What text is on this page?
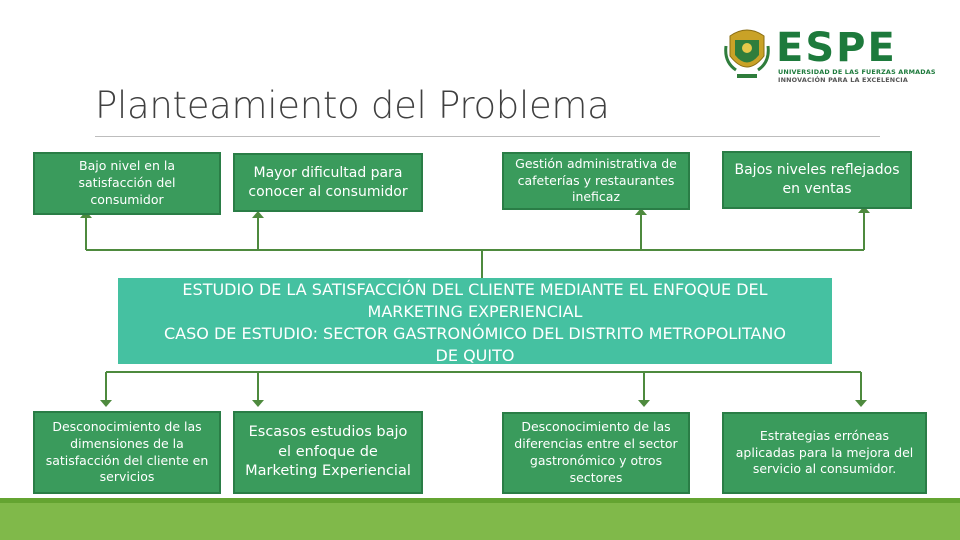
Planteamiento del Problema
ESPE
UNIVERSIDAD DE LAS FUERZAS ARMADAS
INNOVACIÓN PARA LA EXCELENCIA
Bajo nivel en la satisfacción del consumidor
Mayor dificultad para conocer al consumidor
Gestión administrativa de cafeterías y restaurantes ineficaz
Bajos niveles reflejados en ventas
ESTUDIO DE LA SATISFACCIÓN DEL CLIENTE MEDIANTE EL ENFOQUE DEL
MARKETING EXPERIENCIAL
CASO DE ESTUDIO: SECTOR GASTRONÓMICO DEL DISTRITO METROPOLITANO
DE QUITO
Desconocimiento de las dimensiones de la satisfacción del cliente en servicios
Escasos estudios bajo el enfoque de Marketing Experiencial
Desconocimiento de las diferencias entre el sector gastronómico y otros sectores
Estrategias erróneas aplicadas para la mejora del servicio al consumidor.
